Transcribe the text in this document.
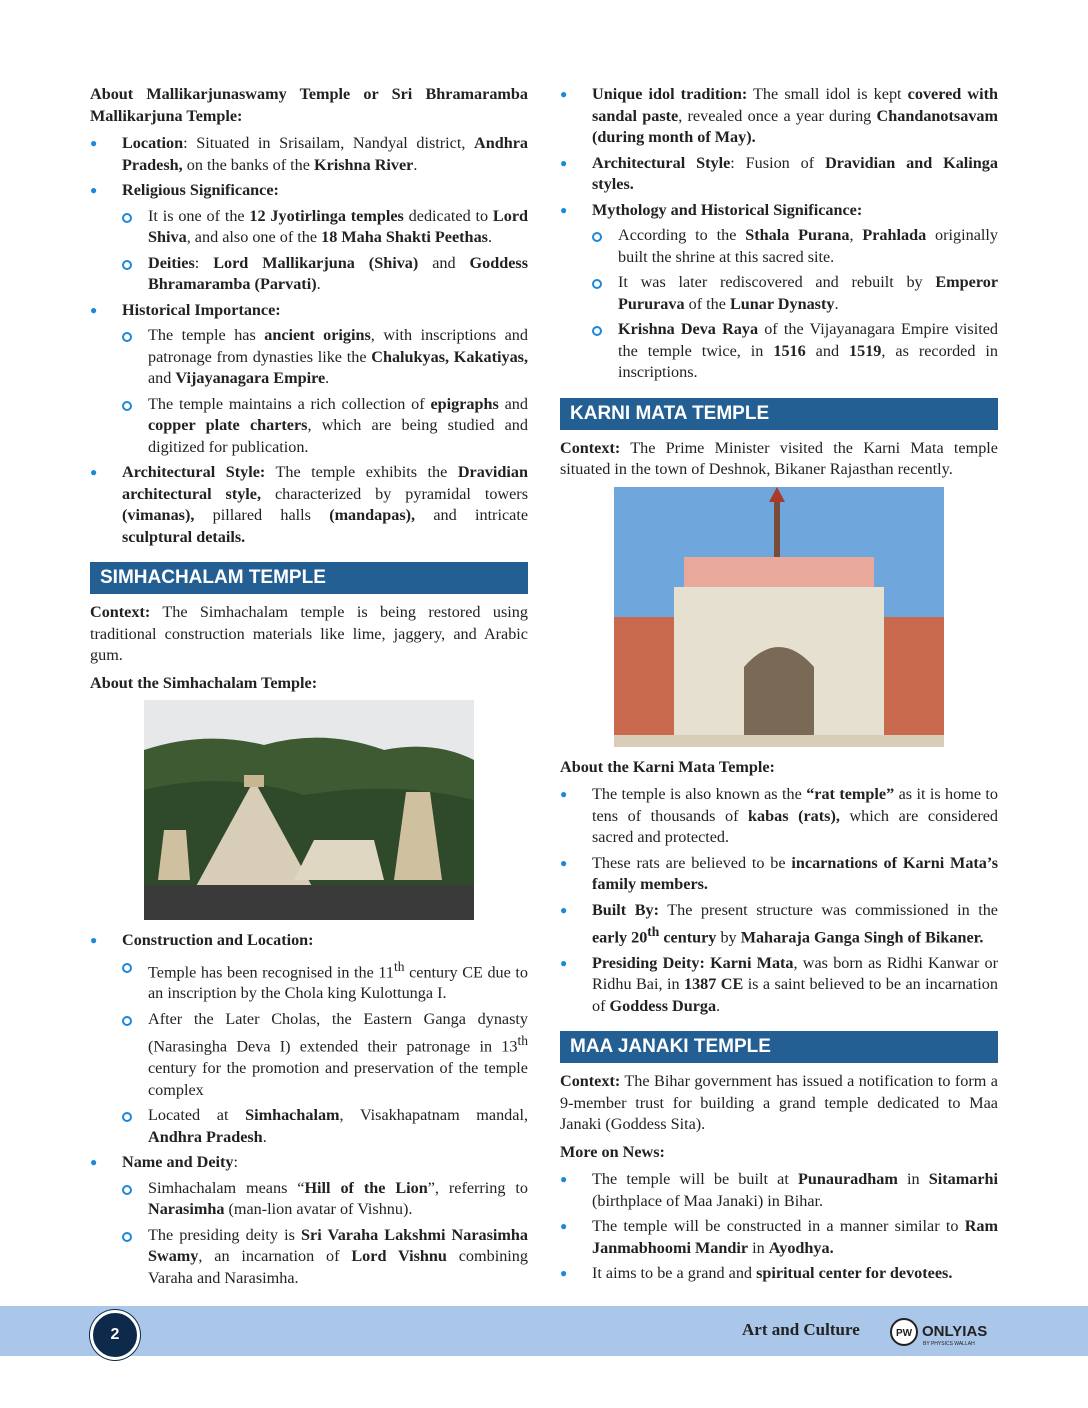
About Mallikarjunaswamy Temple or Sri Bhramaramba Mallikarjuna Temple:

● Location: Situated in Srisailam, Nandyal district, Andhra Pradesh, on the banks of the Krishna River.
● Religious Significance:
It is one of the 12 Jyotirlinga temples dedicated to Lord Shiva, and also one of the 18 Maha Shakti Peethas.
Deities: Lord Mallikarjuna (Shiva) and Goddess Bhramaramba (Parvati).
● Historical Importance:
The temple has ancient origins, with inscriptions and patronage from dynasties like the Chalukyas, Kakatiyas, and Vijayanagara Empire.
The temple maintains a rich collection of epigraphs and copper plate charters, which are being studied and digitized for publication.
● Architectural Style: The temple exhibits the Dravidian architectural style, characterized by pyramidal towers (vimanas), pillared halls (mandapas), and intricate sculptural details.
SIMHACHALAM TEMPLE

Context: The Simhachalam temple is being restored using traditional construction materials like lime, jaggery, and Arabic gum.

About the Simhachalam Temple:

● Construction and Location:
Temple has been recognised in the 11th century CE due to an inscription by the Chola king Kulottunga I.
After the Later Cholas, the Eastern Ganga dynasty (Narasingha Deva I) extended their patronage in 13th century for the promotion and preservation of the temple complex
Located at Simhachalam, Visakhapatnam mandal, Andhra Pradesh.
● Name and Deity:
Simhachalam means “Hill of the Lion”, referring to Narasimha (man-lion avatar of Vishnu).
The presiding deity is Sri Varaha Lakshmi Narasimha Swamy, an incarnation of Lord Vishnu combining Varaha and Narasimha.
● Unique idol tradition: The small idol is kept covered with sandal paste, revealed once a year during Chandanotsavam (during month of May).
● Architectural Style: Fusion of Dravidian and Kalinga styles.
● Mythology and Historical Significance:
According to the Sthala Purana, Prahlada originally built the shrine at this sacred site.
It was later rediscovered and rebuilt by Emperor Pururava of the Lunar Dynasty.
Krishna Deva Raya of the Vijayanagara Empire visited the temple twice, in 1516 and 1519, as recorded in inscriptions.
KARNI MATA TEMPLE

Context: The Prime Minister visited the Karni Mata temple situated in the town of Deshnok, Bikaner Rajasthan recently.

About the Karni Mata Temple:

● The temple is also known as the “rat temple” as it is home to tens of thousands of kabas (rats), which are considered sacred and protected.
● These rats are believed to be incarnations of Karni Mata’s family members.
● Built By: The present structure was commissioned in the early 20th century by Maharaja Ganga Singh of Bikaner.
● Presiding Deity: Karni Mata, was born as Ridhi Kanwar or Ridhu Bai, in 1387 CE is a saint believed to be an incarnation of Goddess Durga.
MAA JANAKI TEMPLE

Context: The Bihar government has issued a notification to form a 9-member trust for building a grand temple dedicated to Maa Janaki (Goddess Sita).

More on News:

● The temple will be built at Punauradham in Sitamarhi (birthplace of Maa Janaki) in Bihar.
● The temple will be constructed in a manner similar to Ram Janmabhoomi Mandir in Ayodhya.
● It aims to be a grand and spiritual center for devotees.
2	Art and Culture	PW ONLYIAS
BY PHYSICS WALLAH
